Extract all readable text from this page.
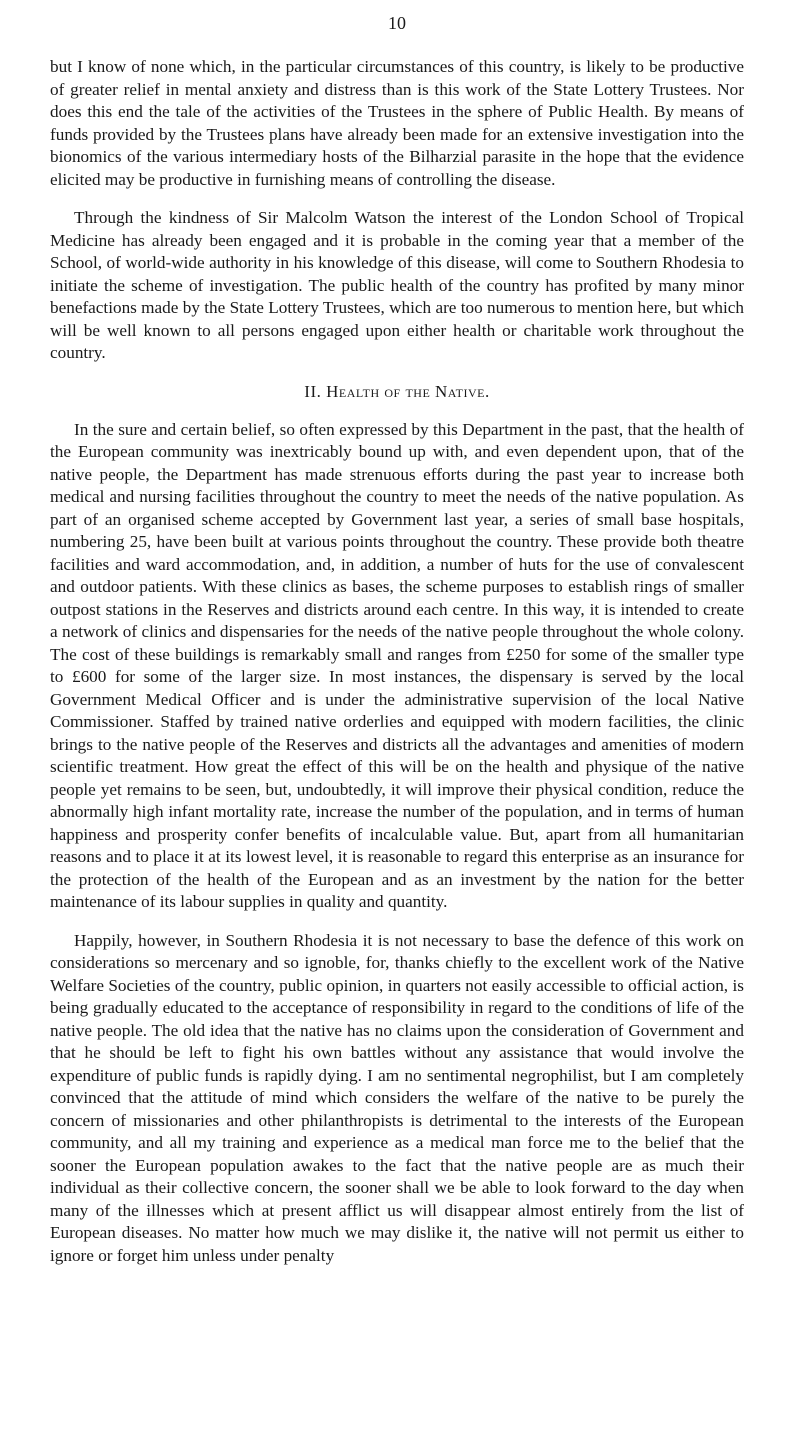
10

but I know of none which, in the particular circumstances of this country, is likely to be productive of greater relief in mental anxiety and distress than is this work of the State Lottery Trustees. Nor does this end the tale of the activities of the Trustees in the sphere of Public Health. By means of funds provided by the Trustees plans have already been made for an extensive investigation into the bionomics of the various intermediary hosts of the Bilharzial parasite in the hope that the evidence elicited may be productive in furnishing means of controlling the disease.

Through the kindness of Sir Malcolm Watson the interest of the London School of Tropical Medicine has already been engaged and it is probable in the coming year that a member of the School, of world-wide authority in his knowledge of this disease, will come to Southern Rhodesia to initiate the scheme of investigation. The public health of the country has profited by many minor benefactions made by the State Lottery Trustees, which are too numerous to mention here, but which will be well known to all persons engaged upon either health or charitable work throughout the country.

II. Health of the Native.

In the sure and certain belief, so often expressed by this Department in the past, that the health of the European community was inextricably bound up with, and even dependent upon, that of the native people, the Department has made strenuous efforts during the past year to increase both medical and nursing facilities throughout the country to meet the needs of the native population. As part of an organised scheme accepted by Government last year, a series of small base hospitals, numbering 25, have been built at various points throughout the country. These provide both theatre facilities and ward accommodation, and, in addition, a number of huts for the use of convalescent and outdoor patients. With these clinics as bases, the scheme purposes to establish rings of smaller outpost stations in the Reserves and districts around each centre. In this way, it is intended to create a network of clinics and dispensaries for the needs of the native people throughout the whole colony. The cost of these buildings is remarkably small and ranges from £250 for some of the smaller type to £600 for some of the larger size. In most instances, the dispensary is served by the local Government Medical Officer and is under the administrative supervision of the local Native Commissioner. Staffed by trained native orderlies and equipped with modern facilities, the clinic brings to the native people of the Reserves and districts all the advantages and amenities of modern scientific treatment. How great the effect of this will be on the health and physique of the native people yet remains to be seen, but, undoubtedly, it will improve their physical condition, reduce the abnormally high infant mortality rate, increase the number of the population, and in terms of human happiness and prosperity confer benefits of incalculable value. But, apart from all humanitarian reasons and to place it at its lowest level, it is reasonable to regard this enterprise as an insurance for the protection of the health of the European and as an investment by the nation for the better maintenance of its labour supplies in quality and quantity.

Happily, however, in Southern Rhodesia it is not necessary to base the defence of this work on considerations so mercenary and so ignoble, for, thanks chiefly to the excellent work of the Native Welfare Societies of the country, public opinion, in quarters not easily accessible to official action, is being gradually educated to the acceptance of responsibility in regard to the conditions of life of the native people. The old idea that the native has no claims upon the consideration of Government and that he should be left to fight his own battles without any assistance that would involve the expenditure of public funds is rapidly dying. I am no sentimental negrophilist, but I am completely convinced that the attitude of mind which considers the welfare of the native to be purely the concern of missionaries and other philanthropists is detrimental to the interests of the European community, and all my training and experience as a medical man force me to the belief that the sooner the European population awakes to the fact that the native people are as much their individual as their collective concern, the sooner shall we be able to look forward to the day when many of the illnesses which at present afflict us will disappear almost entirely from the list of European diseases. No matter how much we may dislike it, the native will not permit us either to ignore or forget him unless under penalty
